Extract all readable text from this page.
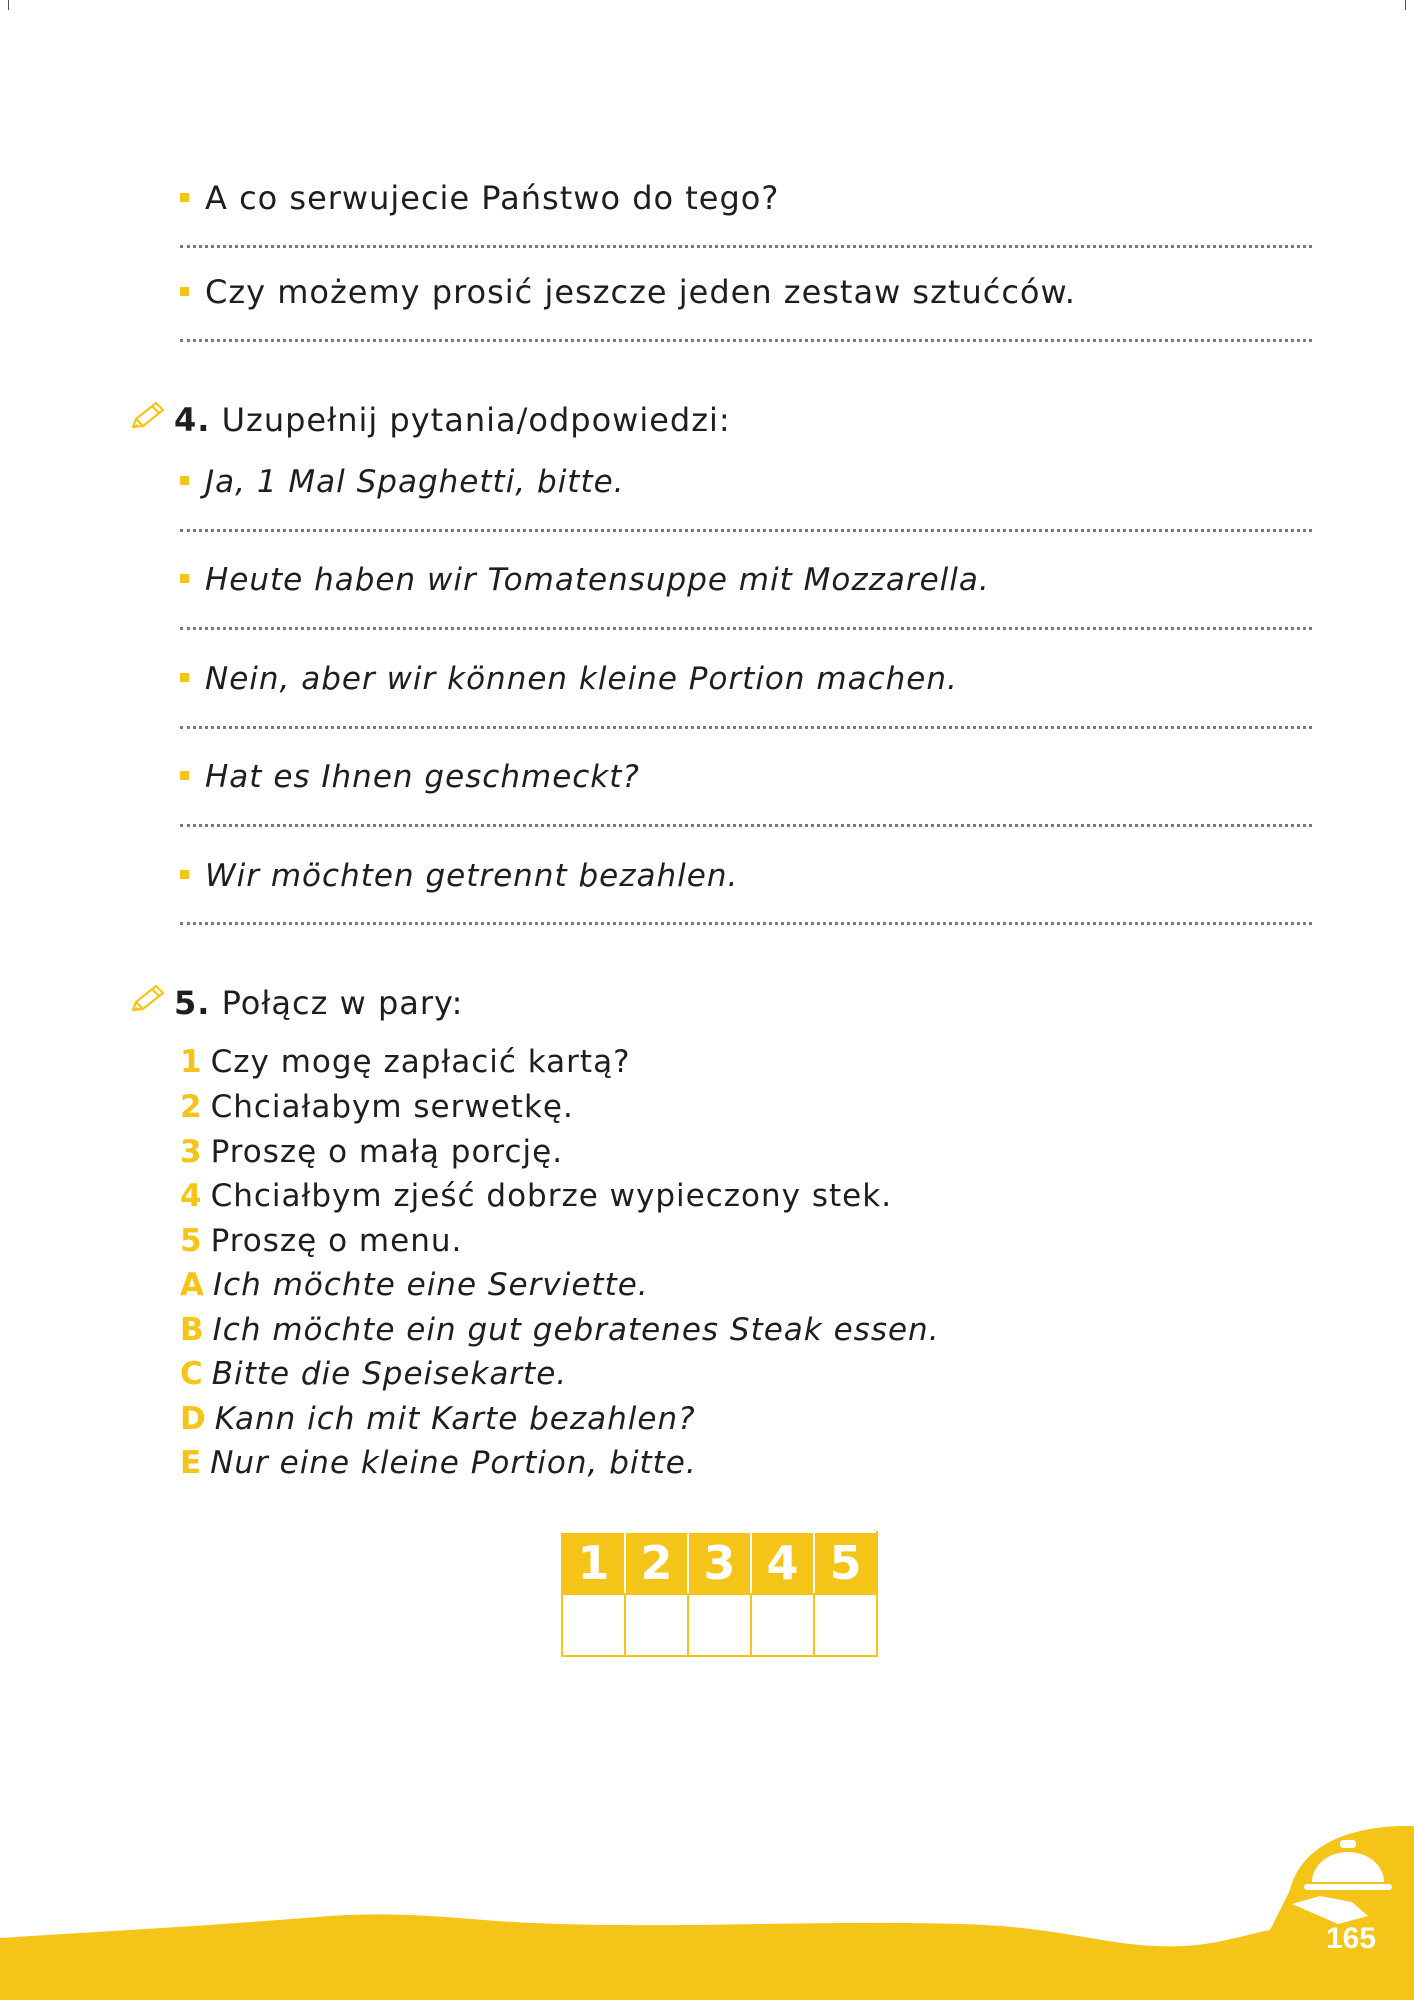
A co serwujecie Państwo do tego?
Czy możemy prosić jeszcze jeden zestaw sztućców.
4. Uzupełnij pytania/odpowiedzi:
Ja, 1 Mal Spaghetti, bitte.
Heute haben wir Tomatensuppe mit Mozzarella.
Nein, aber wir können kleine Portion machen.
Hat es Ihnen geschmeckt?
Wir möchten getrennt bezahlen.
5. Połącz w pary:
1 Czy mogę zapłacić kartą?
2 Chciałabym serwetkę.
3 Proszę o małą porcję.
4 Chciałbym zjeść dobrze wypieczony stek.
5 Proszę o menu.
A Ich möchte eine Serviette.
B Ich möchte ein gut gebratenes Steak essen.
C Bitte die Speisekarte.
D Kann ich mit Karte bezahlen?
E Nur eine kleine Portion, bitte.
1	2	3	4	5

165
